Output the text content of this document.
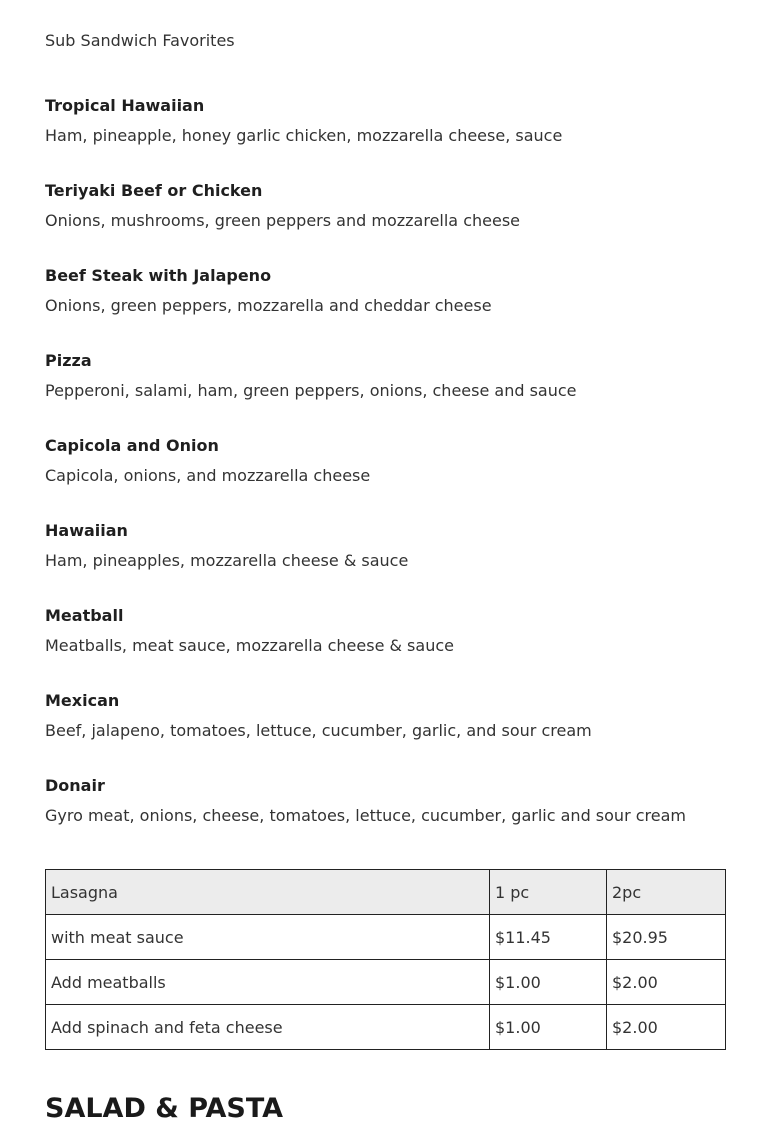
Sub Sandwich Favorites
Tropical Hawaiian
Ham, pineapple, honey garlic chicken, mozzarella cheese, sauce
Teriyaki Beef or Chicken
Onions, mushrooms, green peppers and mozzarella cheese
Beef Steak with Jalapeno
Onions, green peppers, mozzarella and cheddar cheese
Pizza
Pepperoni, salami, ham, green peppers, onions, cheese and sauce
Capicola and Onion
Capicola, onions, and mozzarella cheese
Hawaiian
Ham, pineapples, mozzarella cheese & sauce
Meatball
Meatballs, meat sauce, mozzarella cheese & sauce
Mexican
Beef, jalapeno, tomatoes, lettuce, cucumber, garlic, and sour cream
Donair
Gyro meat, onions, cheese, tomatoes, lettuce, cucumber, garlic and sour cream
Lasagna	1 pc	2pc
with meat sauce	$11.45	$20.95
Add meatballs	$1.00	$2.00
Add spinach and feta cheese	$1.00	$2.00
SALAD & PASTA
